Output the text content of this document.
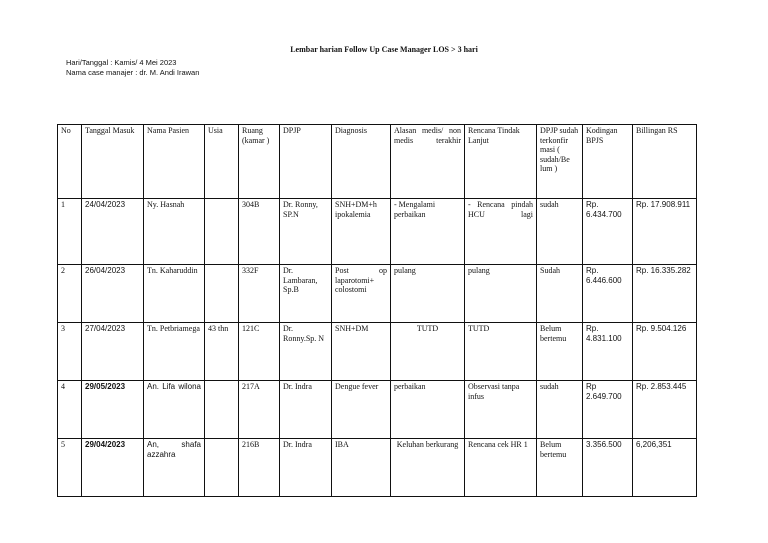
Lembar harian Follow Up Case Manager LOS > 3 hari
Hari/Tanggal : Kamis/ 4 Mei 2023
Nama case manajer : dr. M. Andi Irawan
No	Tanggal Masuk	Nama Pasien	Usia	Ruang (kamar )	DPJP	Diagnosis	Alasan medis/ non medis terakhir	Rencana Tindak Lanjut	DPJP sudah terkonfir masi ( sudah/Be lum )	Kodingan BPJS	Billingan RS
1	24/04/2023	Ny. Hasnah		304B	Dr. Ronny, SP.N	SNH+DM+h ipokalemia	- Mengalami perbaikan	- Rencana pindah HCU lagi	sudah	Rp. 6.434.700	Rp. 17.908.911
2	26/04/2023	Tn. Kaharuddin		332F	Dr. Lambaran, Sp.B	Post op laparotomi+ colostomi	pulang	pulang	Sudah	Rp. 6.446.600	Rp. 16.335.282
3	27/04/2023	Tn. Petbriamega	43 thn	121C	Dr. Ronny.Sp. N	SNH+DM	TUTD	TUTD	Belum bertemu	Rp. 4.831.100	Rp. 9.504.126
4	29/05/2023	An. Lifa wilona		217A	Dr. Indra	Dengue fever	perbaikan	Observasi tanpa infus	sudah	Rp 2.649.700	Rp. 2.853.445
5	29/04/2023	An, shafa azzahra		216B	Dr. Indra	IBA	Keluhan berkurang	Rencana cek HR 1	Belum bertemu	3.356.500	6,206,351
